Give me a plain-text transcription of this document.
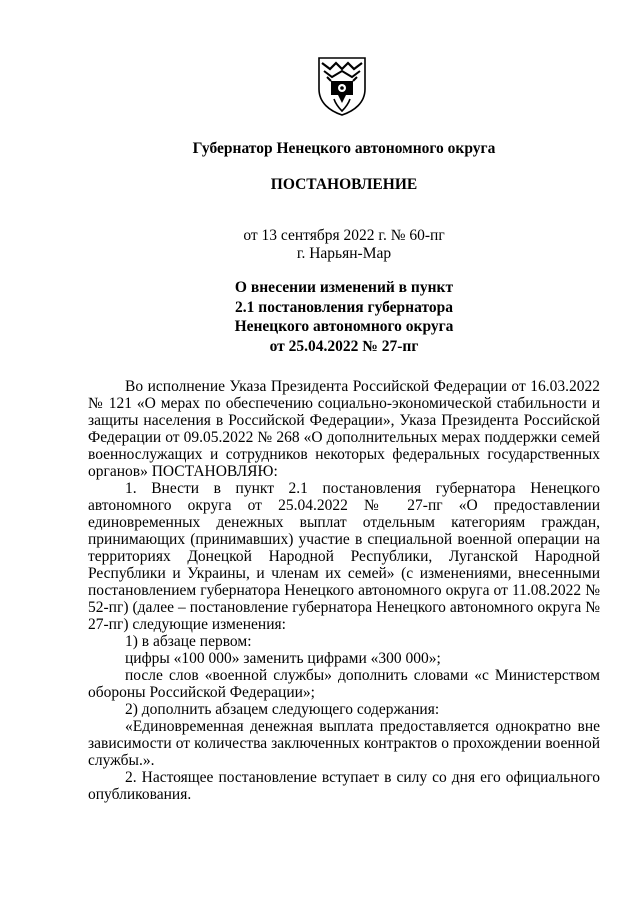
Губернатор Ненецкого автономного округа
ПОСТАНОВЛЕНИЕ
от 13 сентября 2022 г. № 60-пг
г. Нарьян-Мар
О внесении изменений в пункт
2.1 постановления губернатора
Ненецкого автономного округа
от 25.04.2022 № 27-пг

Во исполнение Указа Президента Российской Федерации от 16.03.2022 № 121 «О мерах по обеспечению социально-экономической стабильности и защиты населения в Российской Федерации», Указа Президента Российской Федерации от 09.05.2022 № 268 «О дополнительных мерах поддержки семей военнослужащих и сотрудников некоторых федеральных государственных органов» ПОСТАНОВЛЯЮ:

1. Внести в пункт 2.1 постановления губернатора Ненецкого автономного округа от 25.04.2022 № 27-пг «О предоставлении единовременных денежных выплат отдельным категориям граждан, принимающих (принимавших) участие в специальной военной операции на территориях Донецкой Народной Республики, Луганской Народной Республики и Украины, и членам их семей» (с изменениями, внесенными постановлением губернатора Ненецкого автономного округа от 11.08.2022 № 52-пг) (далее – постановление губернатора Ненецкого автономного округа № 27-пг) следующие изменения:

1) в абзаце первом:

цифры «100 000» заменить цифрами «300 000»;

после слов «военной службы» дополнить словами «с Министерством обороны Российской Федерации»;

2) дополнить абзацем следующего содержания:

«Единовременная денежная выплата предоставляется однократно вне зависимости от количества заключенных контрактов о прохождении военной службы.».

2. Настоящее постановление вступает в силу со дня его официального опубликования.
